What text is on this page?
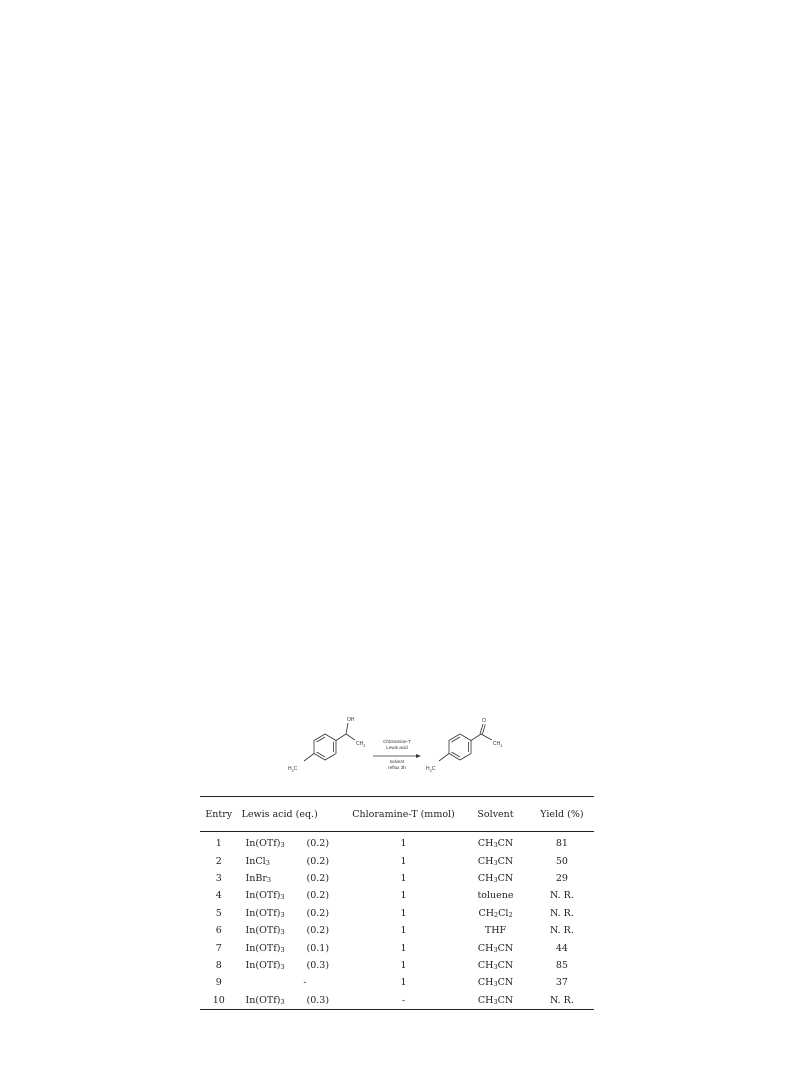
$H_3C$
OH
$CH_3$
Chloramine-T
Lewis acid
solvent
reflux 3h	$H_3C$
O
$CH_3$
Entry	Lewis acid (eq.)		Chloramine-T (mmol)	Solvent	Yield (%)
1	$In(OTf)_3$	(0.2)	1	$CH_3CN$	81
2	InCl$_3$	(0.2)	1	$CH_3CN$	50
3	InBr$_3$	(0.2)	1	$CH_3CN$	29
4	$In(OTf)_3$	(0.2)	1	toluene	N. R.
5	$In(OTf)_3$	(0.2)	1	$CH_2Cl_2$	N. R.
6	$In(OTf)_3$	(0.2)	1	THF	N. R.
7	$In(OTf)_3$	(0.1)	1	$CH_3CN$	44
8	$In(OTf)_3$	(0.3)	1	$CH_3CN$	85
9	-		1	$CH_3CN$	37
10	$In(OTf)_3$	(0.3)	-	$CH_3CN$	N. R.
